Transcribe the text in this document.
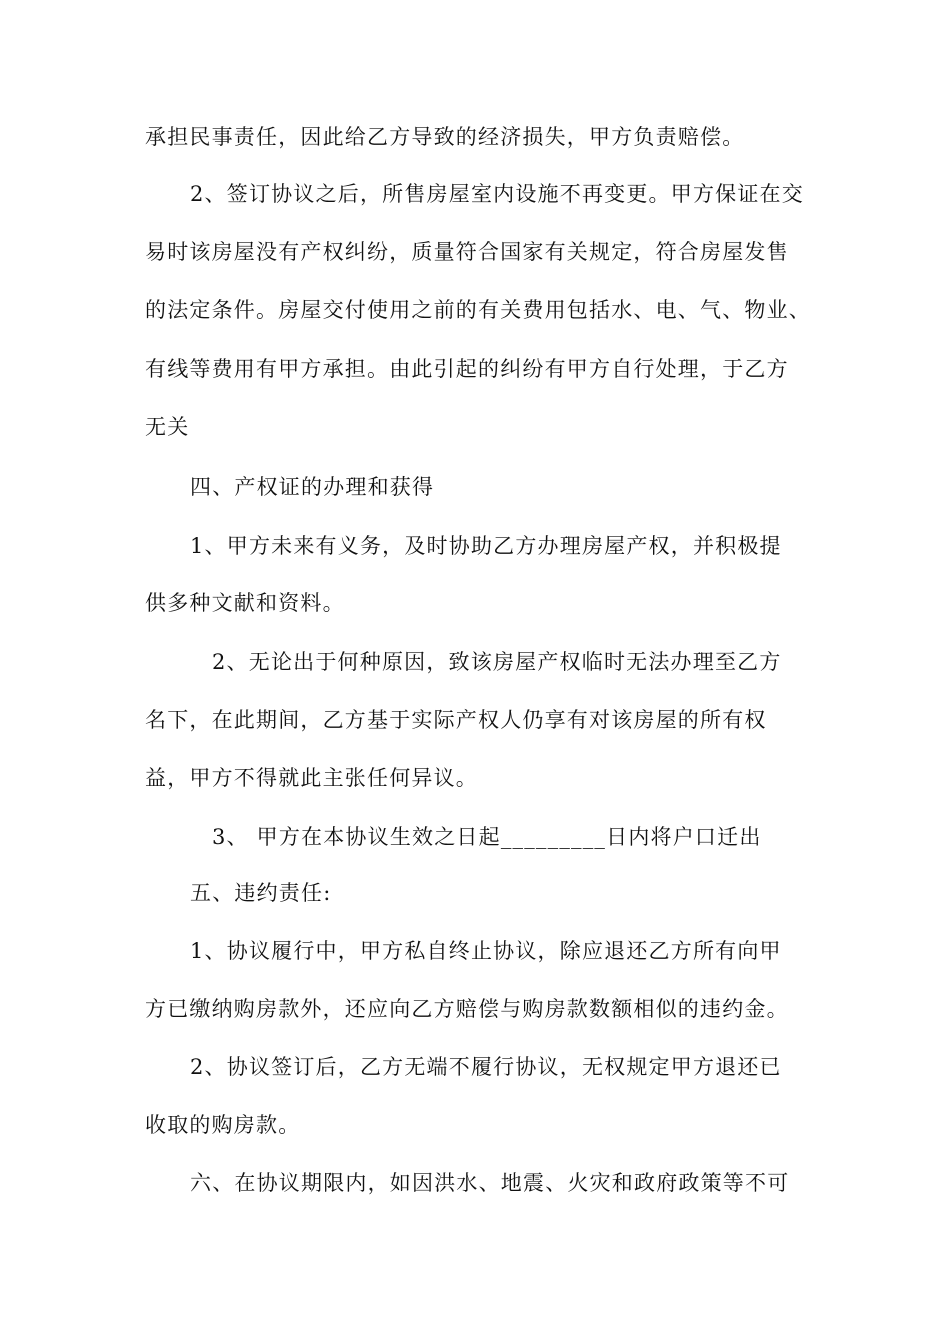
承担民事责任，因此给乙方导致的经济损失，甲方负责赔偿。
2、签订协议之后，所售房屋室内设施不再变更。甲方保证在交
易时该房屋没有产权纠纷，质量符合国家有关规定，符合房屋发售
的法定条件。房屋交付使用之前的有关费用包括水、电、气、物业、
有线等费用有甲方承担。由此引起的纠纷有甲方自行处理，于乙方
无关
四、产权证的办理和获得
1、甲方未来有义务，及时协助乙方办理房屋产权，并积极提
供多种文献和资料。
2、无论出于何种原因，致该房屋产权临时无法办理至乙方
名下，在此期间，乙方基于实际产权人仍享有对该房屋的所有权
益，甲方不得就此主张任何异议。
3、 甲方在本协议生效之日起_________日内将户口迁出
五、违约责任:
1、协议履行中，甲方私自终止协议，除应退还乙方所有向甲
方已缴纳购房款外，还应向乙方赔偿与购房款数额相似的违约金。
2、协议签订后，乙方无端不履行协议，无权规定甲方退还已
收取的购房款。
六、在协议期限内，如因洪水、地震、火灾和政府政策等不可
